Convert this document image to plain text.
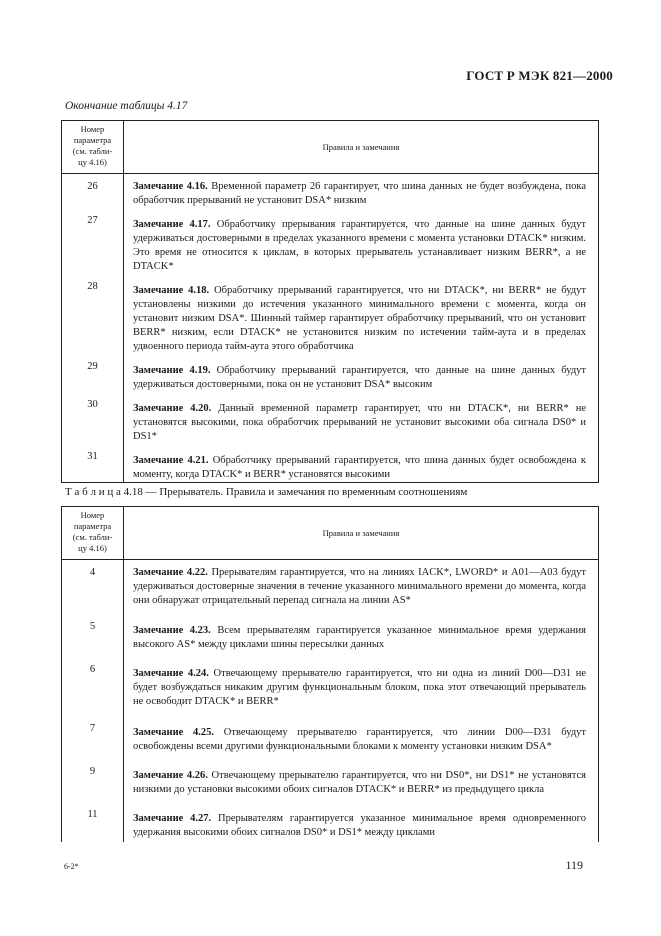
ГОСТ Р МЭК 821—2000
Окончание таблицы 4.17
Номер
параметра
(см. табли-
цу 4.16)	Правила и замечания
26	Замечание 4.16. Временной параметр 26 гарантирует, что шина данных не будет возбуждена, пока обработчик прерываний не установит DSA* низким
27	Замечание 4.17. Обработчику прерывания гарантируется, что данные на шине данных будут удерживаться достоверными в пределах указанного времени с момента установки DTACK* низким. Это время не относится к циклам, в которых прерыватель устанавливает низким BERR*, а не DTACK*
28	Замечание 4.18. Обработчику прерываний гарантируется, что ни DTACK*, ни BERR* не будут установлены низкими до истечения указанного минимального времени с момента, когда он установит низким DSA*. Шинный таймер гарантирует обработчику прерываний, что он установит BERR* низким, если DTACK* не установится низким по истечении тайм-аута и в пределах удвоенного периода тайм-аута этого обработчика
29	Замечание 4.19. Обработчику прерываний гарантируется, что данные на шине данных будут удерживаться достоверными, пока он не установит DSA* высоким
30	Замечание 4.20. Данный временной параметр гарантирует, что ни DTACK*, ни BERR* не установятся высокими, пока обработчик прерываний не установит высокими оба сигнала DS0* и DS1*
31	Замечание 4.21. Обработчику прерываний гарантируется, что шина данных будет освобождена к моменту, когда DTACK* и BERR* установятся высокими
Т а б л и ц а 4.18 — Прерыватель. Правила и замечания по временным соотношениям
Номер
параметра
(см. табли-
цу 4.16)	Правила и замечания
4	Замечание 4.22. Прерывателям гарантируется, что на линиях IACK*, LWORD* и A01—A03 будут удерживаться достоверные значения в течение указанного минимального времени до момента, когда они обнаружат отрицательный перепад сигнала на линии AS*
5	Замечание 4.23. Всем прерывателям гарантируется указанное минимальное время удержания высокого AS* между циклами шины пересылки данных
6	Замечание 4.24. Отвечающему прерывателю гарантируется, что ни одна из линий D00—D31 не будет возбуждаться никаким другим функциональным блоком, пока этот отвечающий прерыватель не освободит DTACK* и BERR*
7	Замечание 4.25. Отвечающему прерывателю гарантируется, что линии D00—D31 будут освобождены всеми другими функциональными блоками к моменту установки низким DSA*
9	Замечание 4.26. Отвечающему прерывателю гарантируется, что ни DS0*, ни DS1* не установятся низкими до установки высокими обоих сигналов DTACK* и BERR* из предыдущего цикла
11	Замечание 4.27. Прерывателям гарантируется указанное минимальное время одновременного удержания высокими обоих сигналов DS0* и DS1* между циклами
6-2*	119
